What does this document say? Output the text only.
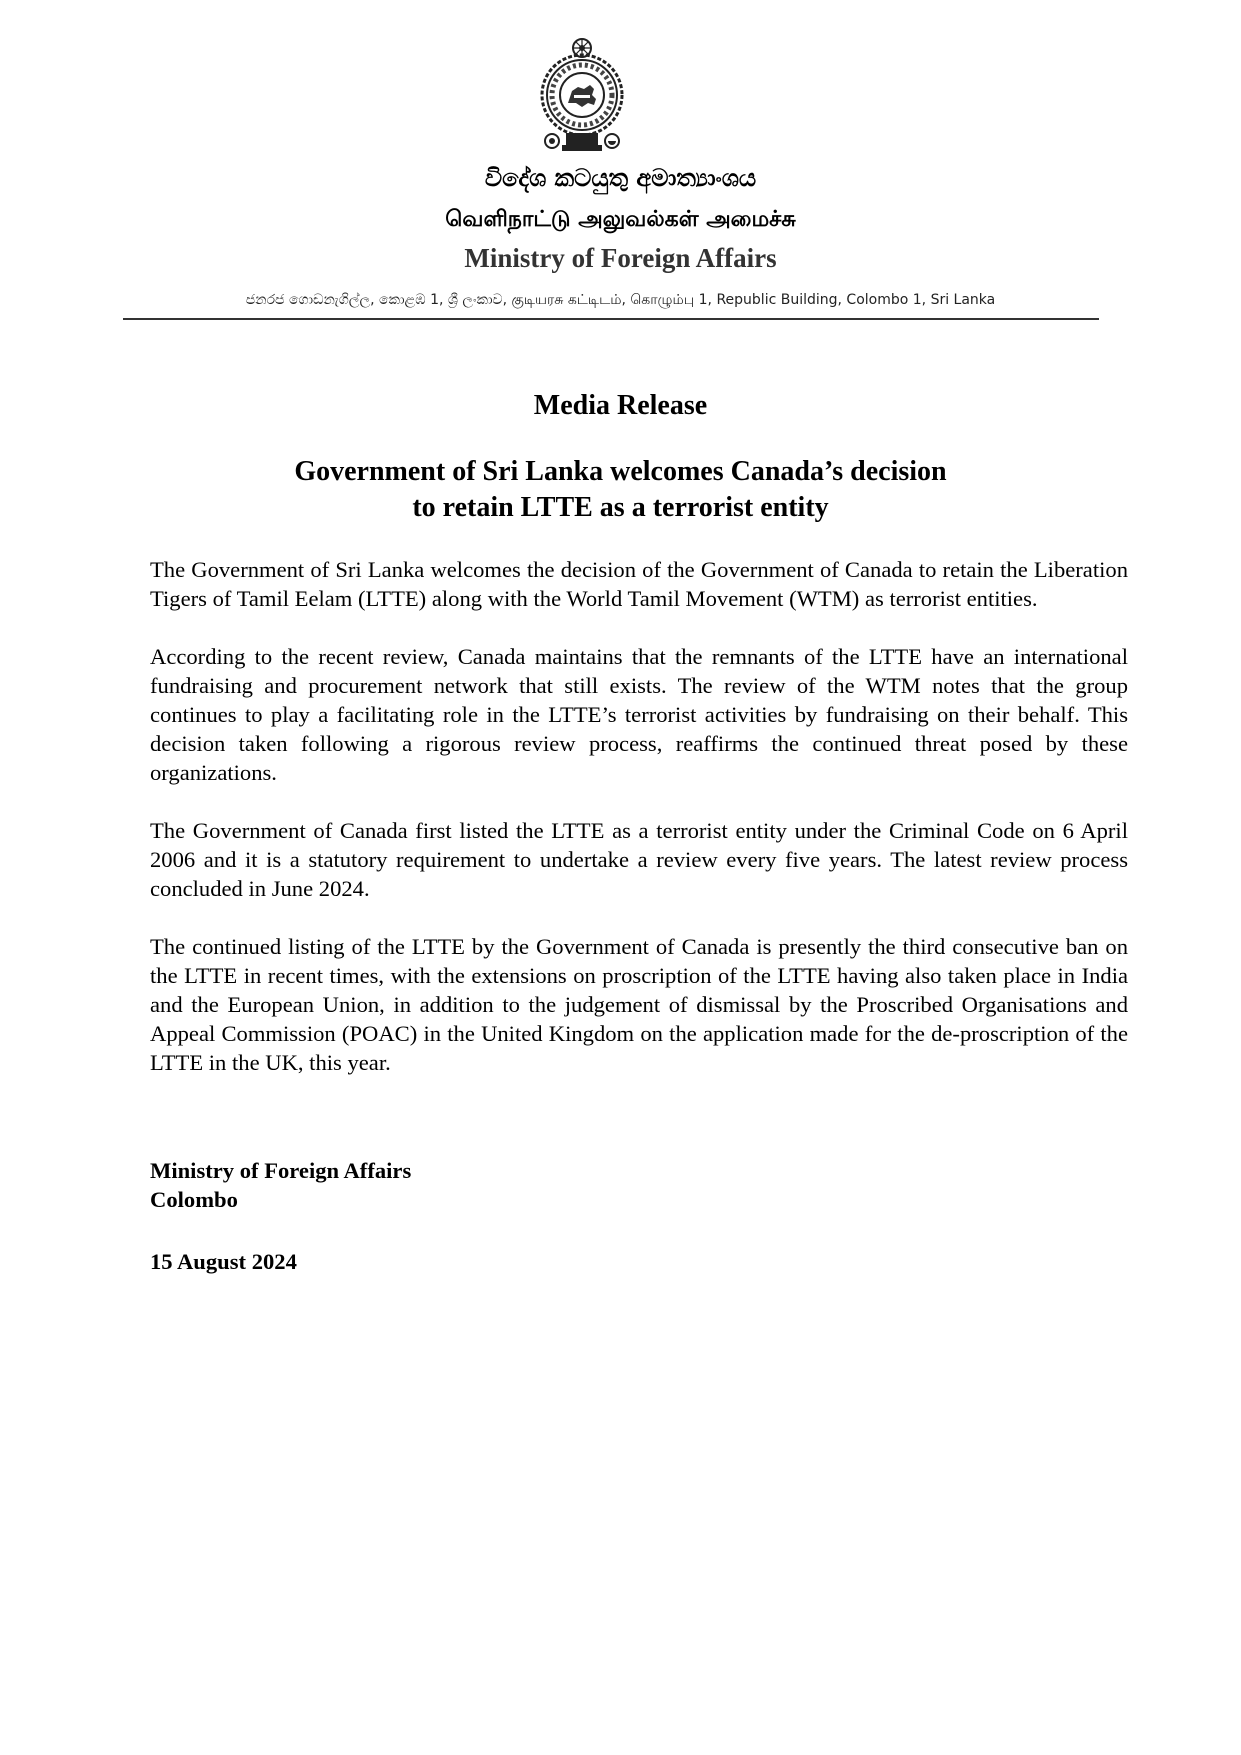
විදේශ කටයුතු අමාත්‍යාංශය
வெளிநாட்டு அலுவல்கள் அமைச்சு
Ministry of Foreign Affairs
ජනරජ ගොඩනැගිල්ල, කොළඹ 1, ශ්‍රී ලංකාව, குடியரசு கட்டிடம், கொழும்பு 1, Republic Building, Colombo 1, Sri Lanka
Media Release
Government of Sri Lanka welcomes Canada’s decision
to retain LTTE as a terrorist entity

The Government of Sri Lanka welcomes the decision of the Government of Canada to retain the Liberation Tigers of Tamil Eelam (LTTE) along with the World Tamil Movement (WTM) as terrorist entities.

According to the recent review, Canada maintains that the remnants of the LTTE have an international fundraising and procurement network that still exists. The review of the WTM notes that the group continues to play a facilitating role in the LTTE’s terrorist activities by fundraising on their behalf. This decision taken following a rigorous review process, reaffirms the continued threat posed by these organizations.

The Government of Canada first listed the LTTE as a terrorist entity under the Criminal Code on 6 April 2006 and it is a statutory requirement to undertake a review every five years. The latest review process concluded in June 2024.

The continued listing of the LTTE by the Government of Canada is presently the third consecutive ban on the LTTE in recent times, with the extensions on proscription of the LTTE having also taken place in India and the European Union, in addition to the judgement of dismissal by the Proscribed Organisations and Appeal Commission (POAC) in the United Kingdom on the application made for the de-proscription of the LTTE in the UK, this year.

Ministry of Foreign Affairs
Colombo
15 August 2024
